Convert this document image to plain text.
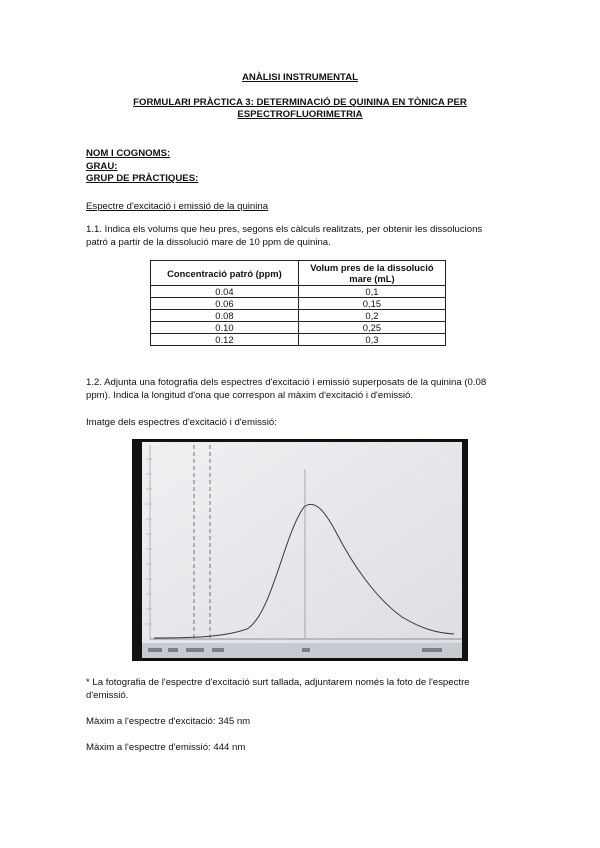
ANÀLISI INSTRUMENTAL
FORMULARI PRÀCTICA 3: DETERMINACIÓ DE QUININA EN TÒNICA PER
ESPECTROFLUORIMETRIA
NOM I COGNOMS:
GRAU:
GRUP DE PRÀCTIQUES:
Espectre d'excitació i emissió de la quinina
1.1. Indica els volums que heu pres, segons els càlculs realitzats, per obtenir les dissolucions
patró a partir de la dissolució mare de 10 ppm de quinina.
Concentració patró (ppm)	Volum pres de la dissolució
mare (mL)
0.04	0,1
0.06	0,15
0.08	0,2
0.10	0,25
0.12	0,3
1.2. Adjunta una fotografia dels espectres d'excitació i emissió superposats de la quinina (0.08
ppm). Indica la longitud d'ona que correspon al màxim d'excitació i d'emissió.
Imatge dels espectres d'excitació i d'emissió:
* La fotografia de l'espectre d'excitació surt tallada, adjuntarem només la foto de l'espectre
d'emissió.
Màxim a l'espectre d'excitació: 345 nm
Màxim a l'espectre d'emissió: 444 nm
